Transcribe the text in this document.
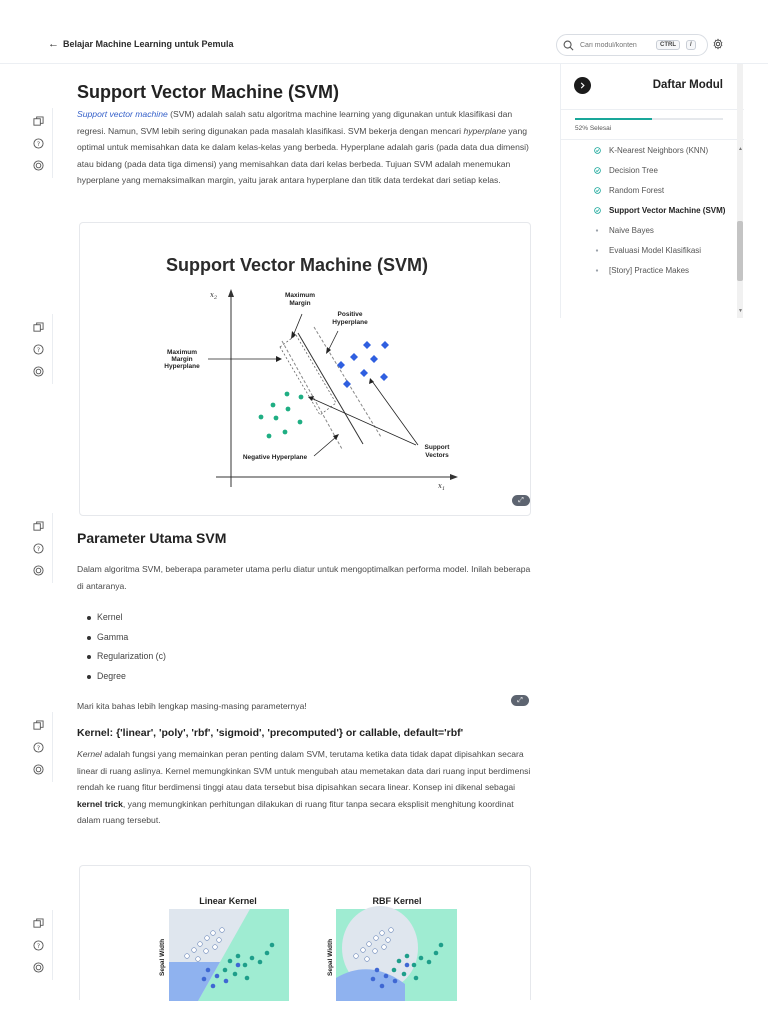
← Belajar Machine Learning untuk Pemula
Cari modul/konten	CTRL	/
?
?
?
?
?
Support Vector Machine (SVM)

Support vector machine (SVM) adalah salah satu algoritma machine learning yang digunakan untuk klasifikasi dan regresi. Namun, SVM lebih sering digunakan pada masalah klasifikasi. SVM bekerja dengan mencari hyperplane yang optimal untuk memisahkan data ke dalam kelas-kelas yang berbeda. Hyperplane adalah garis (pada data dua dimensi) atau bidang (pada data tiga dimensi) yang memisahkan data dari kelas berbeda. Tujuan SVM adalah menemukan hyperplane yang memaksimalkan margin, yaitu jarak antara hyperplane dan titik data terdekat dari setiap kelas.

Support Vector Machine (SVM)
$x_2$
$x_1$
Maximum Margin
Positive Hyperplane
Maximum Margin Hyperplane
Negative Hyperplane
Support Vectors
⤢
Parameter Utama SVM

Dalam algoritma SVM, beberapa parameter utama perlu diatur untuk mengoptimalkan performa model. Inilah beberapa di antaranya.

Kernel
Gamma
Regularization (c)
Degree

Mari kita bahas lebih lengkap masing-masing parameternya!

⤢
Kernel: {'linear', 'poly', 'rbf', 'sigmoid', 'precomputed'} or callable, default='rbf'

Kernel adalah fungsi yang memainkan peran penting dalam SVM, terutama ketika data tidak dapat dipisahkan secara linear di ruang aslinya. Kernel memungkinkan SVM untuk mengubah atau memetakan data dari ruang input berdimensi rendah ke ruang fitur berdimensi tinggi atau data tersebut bisa dipisahkan secara linear. Konsep ini dikenal sebagai kernel trick, yang memungkinkan perhitungan dilakukan di ruang fitur tanpa secara eksplisit menghitung koordinat dalam ruang tersebut.

Linear Kernel	RBF Kernel
Sepal Width	Sepal Width
Daftar Modul
52% Selesai
K-Nearest Neighbors (KNN)
Decision Tree
Random Forest
Support Vector Machine (SVM)
Naive Bayes
Evaluasi Model Klasifikasi
[Story] Practice Makes
▲
▼
